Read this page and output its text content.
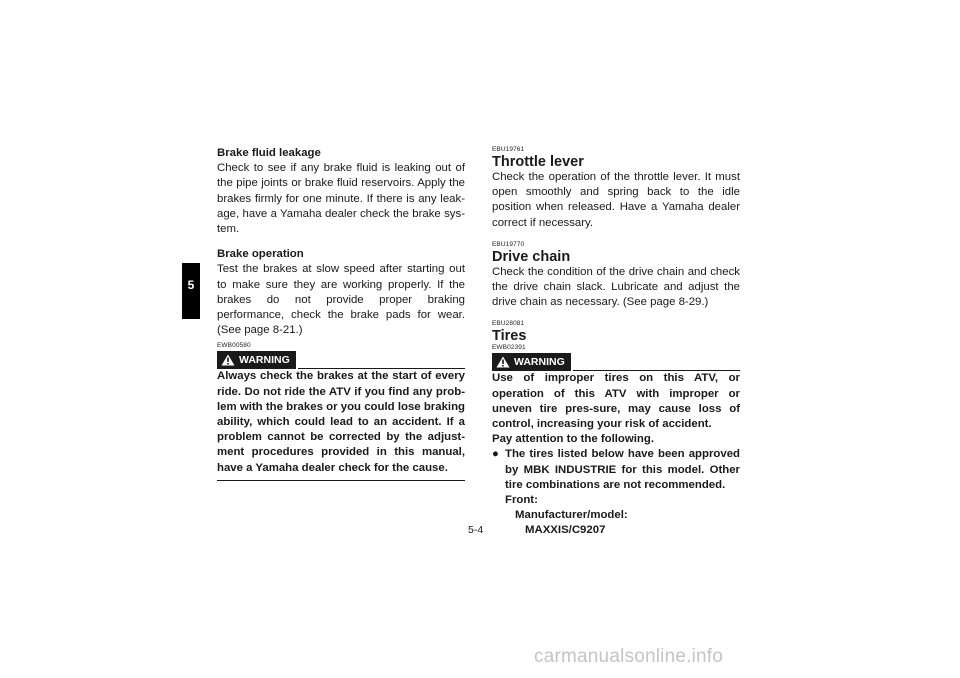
5

Brake fluid leakage

Check to see if any brake fluid is leaking out of the pipe joints or brake fluid reservoirs. Apply the brakes firmly for one minute. If there is any leak-age, have a Yamaha dealer check the brake sys-tem.

Brake operation

Test the brakes at slow speed after starting out to make sure they are working properly. If the brakes do not provide proper braking performance, check the brake pads for wear. (See page 8-21.)

EWB00580

WARNING

Always check the brakes at the start of every ride. Do not ride the ATV if you find any prob-lem with the brakes or you could lose braking ability, which could lead to an accident. If a problem cannot be corrected by the adjust-ment procedures provided in this manual, have a Yamaha dealer check for the cause.

EBU19761

Throttle lever

Check the operation of the throttle lever. It must open smoothly and spring back to the idle position when released. Have a Yamaha dealer correct if necessary.

EBU19770

Drive chain

Check the condition of the drive chain and check the drive chain slack. Lubricate and adjust the drive chain as necessary. (See page 8-29.)

EBU28081

Tires

EWB02391

WARNING

Use of improper tires on this ATV, or operation of this ATV with improper or uneven tire pres-sure, may cause loss of control, increasing your risk of accident.

Pay attention to the following.

● The tires listed below have been approved by MBK INDUSTRIE for this model. Other tire combinations are not recommended.

Front:

Manufacturer/model:

MAXXIS/C9207

5-4
carmanualsonline.info
